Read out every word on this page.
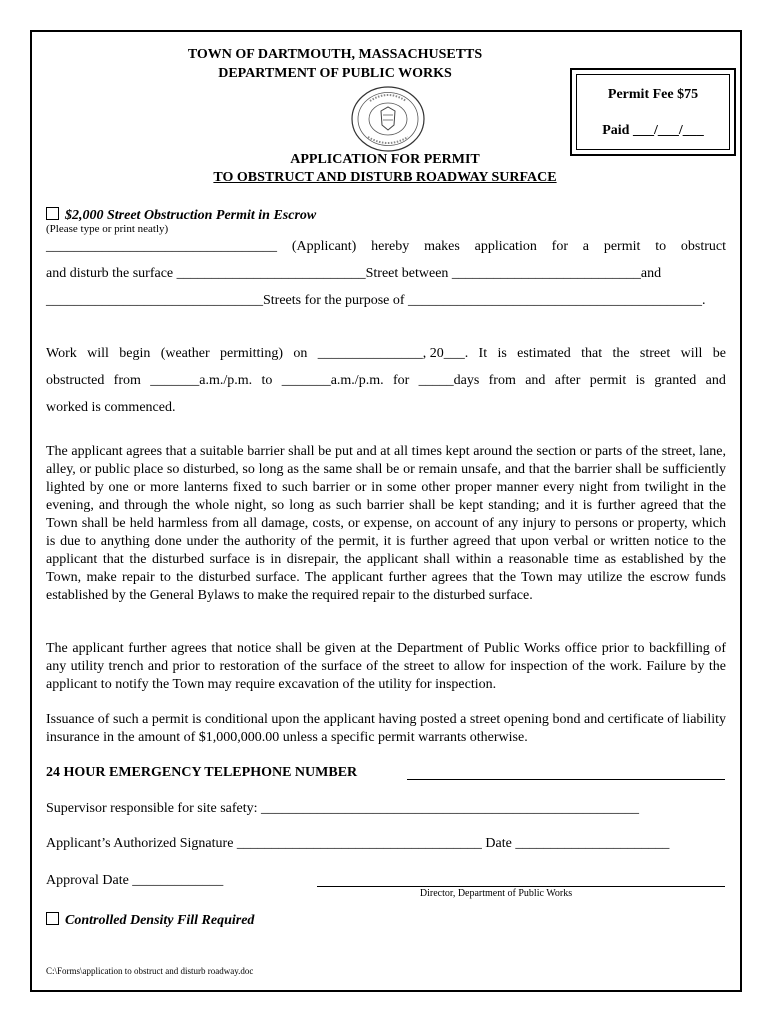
TOWN OF DARTMOUTH, MASSACHUSETTS
DEPARTMENT OF PUBLIC WORKS
Permit Fee $75
Paid ___/___/___
APPLICATION FOR PERMIT
TO OBSTRUCT AND DISTURB ROADWAY SURFACE
$2,000 Street Obstruction Permit in Escrow
(Please type or print neatly)
_________________________________ (Applicant) hereby makes application for a permit to obstruct
and disturb the surface ___________________________Street between ___________________________and
_______________________________Streets for the purpose of __________________________________________.
Work will begin (weather permitting) on _______________, 20___. It is estimated that the street will be
obstructed from _______a.m./p.m. to _______a.m./p.m. for _____days from and after permit is granted and
worked is commenced.
The applicant agrees that a suitable barrier shall be put and at all times kept around the section or parts of the street, lane, alley, or public place so disturbed, so long as the same shall be or remain unsafe, and that the barrier shall be sufficiently lighted by one or more lanterns fixed to such barrier or in some other proper manner every night from twilight in the evening, and through the whole night, so long as such barrier shall be kept standing; and it is further agreed that the Town shall be held harmless from all damage, costs, or expense, on account of any injury to persons or property, which is due to anything done under the authority of the permit, it is further agreed that upon verbal or written notice to the applicant that the disturbed surface is in disrepair, the applicant shall within a reasonable time as established by the Town, make repair to the disturbed surface. The applicant further agrees that the Town may utilize the escrow funds established by the General Bylaws to make the required repair to the disturbed surface.
The applicant further agrees that notice shall be given at the Department of Public Works office prior to backfilling of any utility trench and prior to restoration of the surface of the street to allow for inspection of the work. Failure by the applicant to notify the Town may require excavation of the utility for inspection.
Issuance of such a permit is conditional upon the applicant having posted a street opening bond and certificate of liability insurance in the amount of $1,000,000.00 unless a specific permit warrants otherwise.
24 HOUR EMERGENCY TELEPHONE NUMBER
Supervisor responsible for site safety: ______________________________________________________
Applicant’s Authorized Signature ___________________________________ Date ______________________
Approval Date _____________
Director, Department of Public Works
Controlled Density Fill Required
C:\Forms\application to obstruct and disturb roadway.doc
